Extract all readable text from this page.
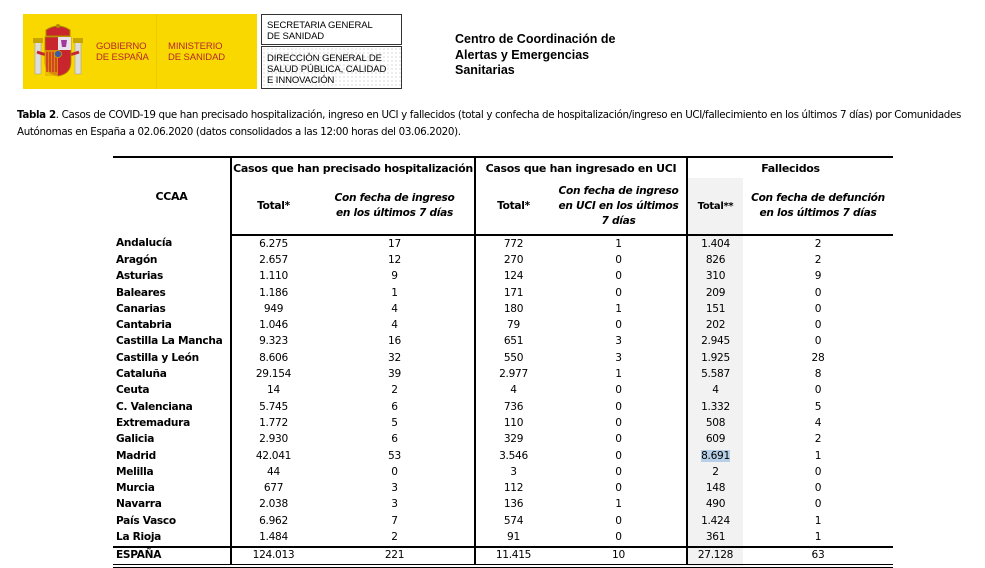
GOBIERNO
DE ESPAÑA
MINISTERIO
DE SANIDAD
SECRETARIA GENERAL
DE SANIDAD
DIRECCIÓN GENERAL DE
SALUD PÚBLICA, CALIDAD
E INNOVACIÓN
Centro de Coordinación de
Alertas y Emergencias
Sanitarias
Tabla 2. Casos de COVID-19 que han precisado hospitalización, ingreso en UCI y fallecidos (total y confecha de hospitalización/ingreso en UCI/fallecimiento en los últimos 7 días) por Comunidades Autónomas en España a 02.06.2020 (datos consolidados a las 12:00 horas del 03.06.2020).
CCAA	Casos que han precisado hospitalización		Casos que han ingresado en UCI		Fallecidos	
	Total*	Con fecha de ingreso en los últimos 7 días	Total*	Con fecha de ingreso en UCI en los últimos 7 días	Total**	Con fecha de defunción en los últimos 7 días
Andalucía	6.275	17	772	1	1.404	2
Aragón	2.657	12	270	0	826	2
Asturias	1.110	9	124	0	310	9
Baleares	1.186	1	171	0	209	0
Canarias	949	4	180	1	151	0
Cantabria	1.046	4	79	0	202	0
Castilla La Mancha	9.323	16	651	3	2.945	0
Castilla y León	8.606	32	550	3	1.925	28
Cataluña	29.154	39	2.977	1	5.587	8
Ceuta	14	2	4	0	4	0
C. Valenciana	5.745	6	736	0	1.332	5
Extremadura	1.772	5	110	0	508	4
Galicia	2.930	6	329	0	609	2
Madrid	42.041	53	3.546	0	8.691	1
Melilla	44	0	3	0	2	0
Murcia	677	3	112	0	148	0
Navarra	2.038	3	136	1	490	0
País Vasco	6.962	7	574	0	1.424	1
La Rioja	1.484	2	91	0	361	1
ESPAÑA	124.013	221	11.415	10	27.128	63
